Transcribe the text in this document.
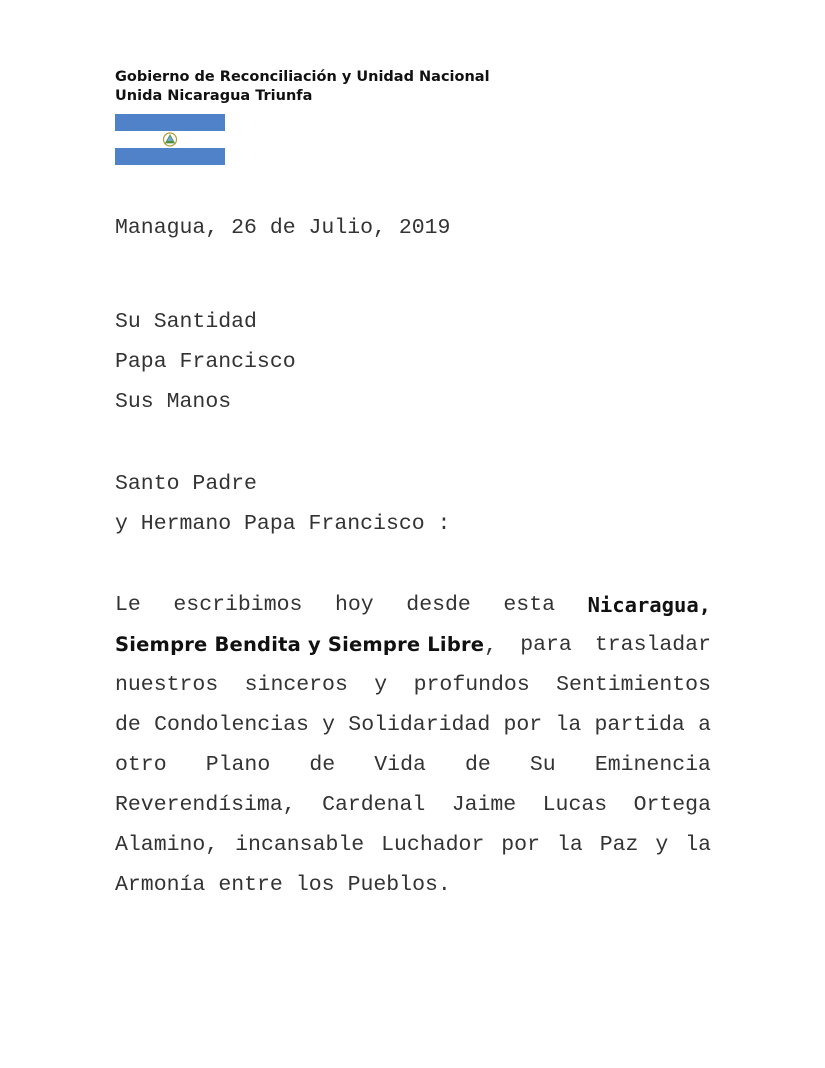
Gobierno de Reconciliación y Unidad Nacional
Unida Nicaragua Triunfa
Managua, 26 de Julio, 2019
Su Santidad
Papa Francisco
Sus Manos
Santo Padre
y Hermano Papa Francisco :
Le escribimos hoy desde esta Nicaragua,
Siempre Bendita y Siempre Libre, para trasladar
nuestros sinceros y profundos Sentimientos
de Condolencias y Solidaridad por la partida a
otro Plano de Vida de Su Eminencia
Reverendísima, Cardenal Jaime Lucas Ortega
Alamino, incansable Luchador por la Paz y la
Armonía entre los Pueblos.
